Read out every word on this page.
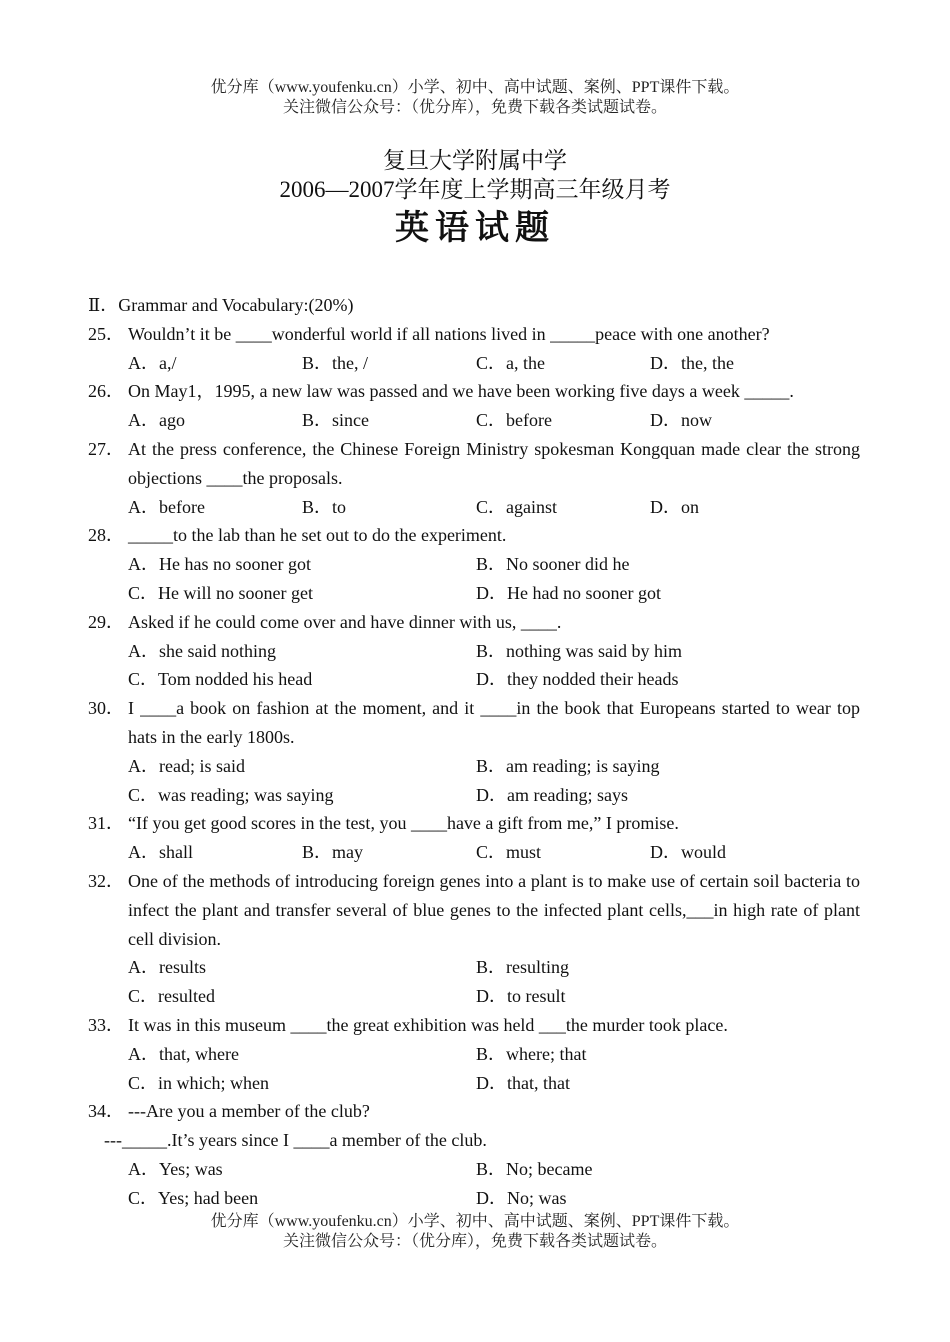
优分库（www.youfenku.cn）小学、初中、高中试题、案例、PPT课件下载。
关注微信公众号：（优分库），免费下载各类试题试卷。
复旦大学附属中学
2006—2007学年度上学期高三年级月考
英语试题
Ⅱ．Grammar and Vocabulary:(20%)
25． Wouldn’t it be ____wonderful world if all nations lived in _____peace with one another?
A．a,/	B．the, /	C．a, the	D．the, the
26． On May1，1995, a new law was passed and we have been working five days a week _____.
A．ago	B．since	C．before	D．now
27． At the press conference, the Chinese Foreign Ministry spokesman Kongquan made clear the strong objections ____the proposals.
A．before	B．to	C．against	D．on
28． _____to the lab than he set out to do the experiment.
A．He has no sooner got	B．No sooner did he
C．He will no sooner get	D．He had no sooner got
29． Asked if he could come over and have dinner with us, ____.
A．she said nothing	B．nothing was said by him
C．Tom nodded his head	D．they nodded their heads
30． I ____a book on fashion at the moment, and it ____in the book that Europeans started to wear top hats in the early 1800s.
A．read; is said	B．am reading; is saying
C．was reading; was saying	D．am reading; says
31． “If you get good scores in the test, you ____have a gift from me,” I promise.
A．shall	B．may	C．must	D．would
32． One of the methods of introducing foreign genes into a plant is to make use of certain soil bacteria to infect the plant and transfer several of blue genes to the infected plant cells,___in high rate of plant cell division.
A．results	B．resulting
C．resulted	D．to result
33． It was in this museum ____the great exhibition was held ___the murder took place.
A．that, where	B．where; that
C．in which; when	D．that, that
34． ---Are you a member of the club?
---_____.It’s years since I ____a member of the club.
A．Yes; was	B．No; became
C．Yes; had been	D．No; was
优分库（www.youfenku.cn）小学、初中、高中试题、案例、PPT课件下载。
关注微信公众号：（优分库），免费下载各类试题试卷。
